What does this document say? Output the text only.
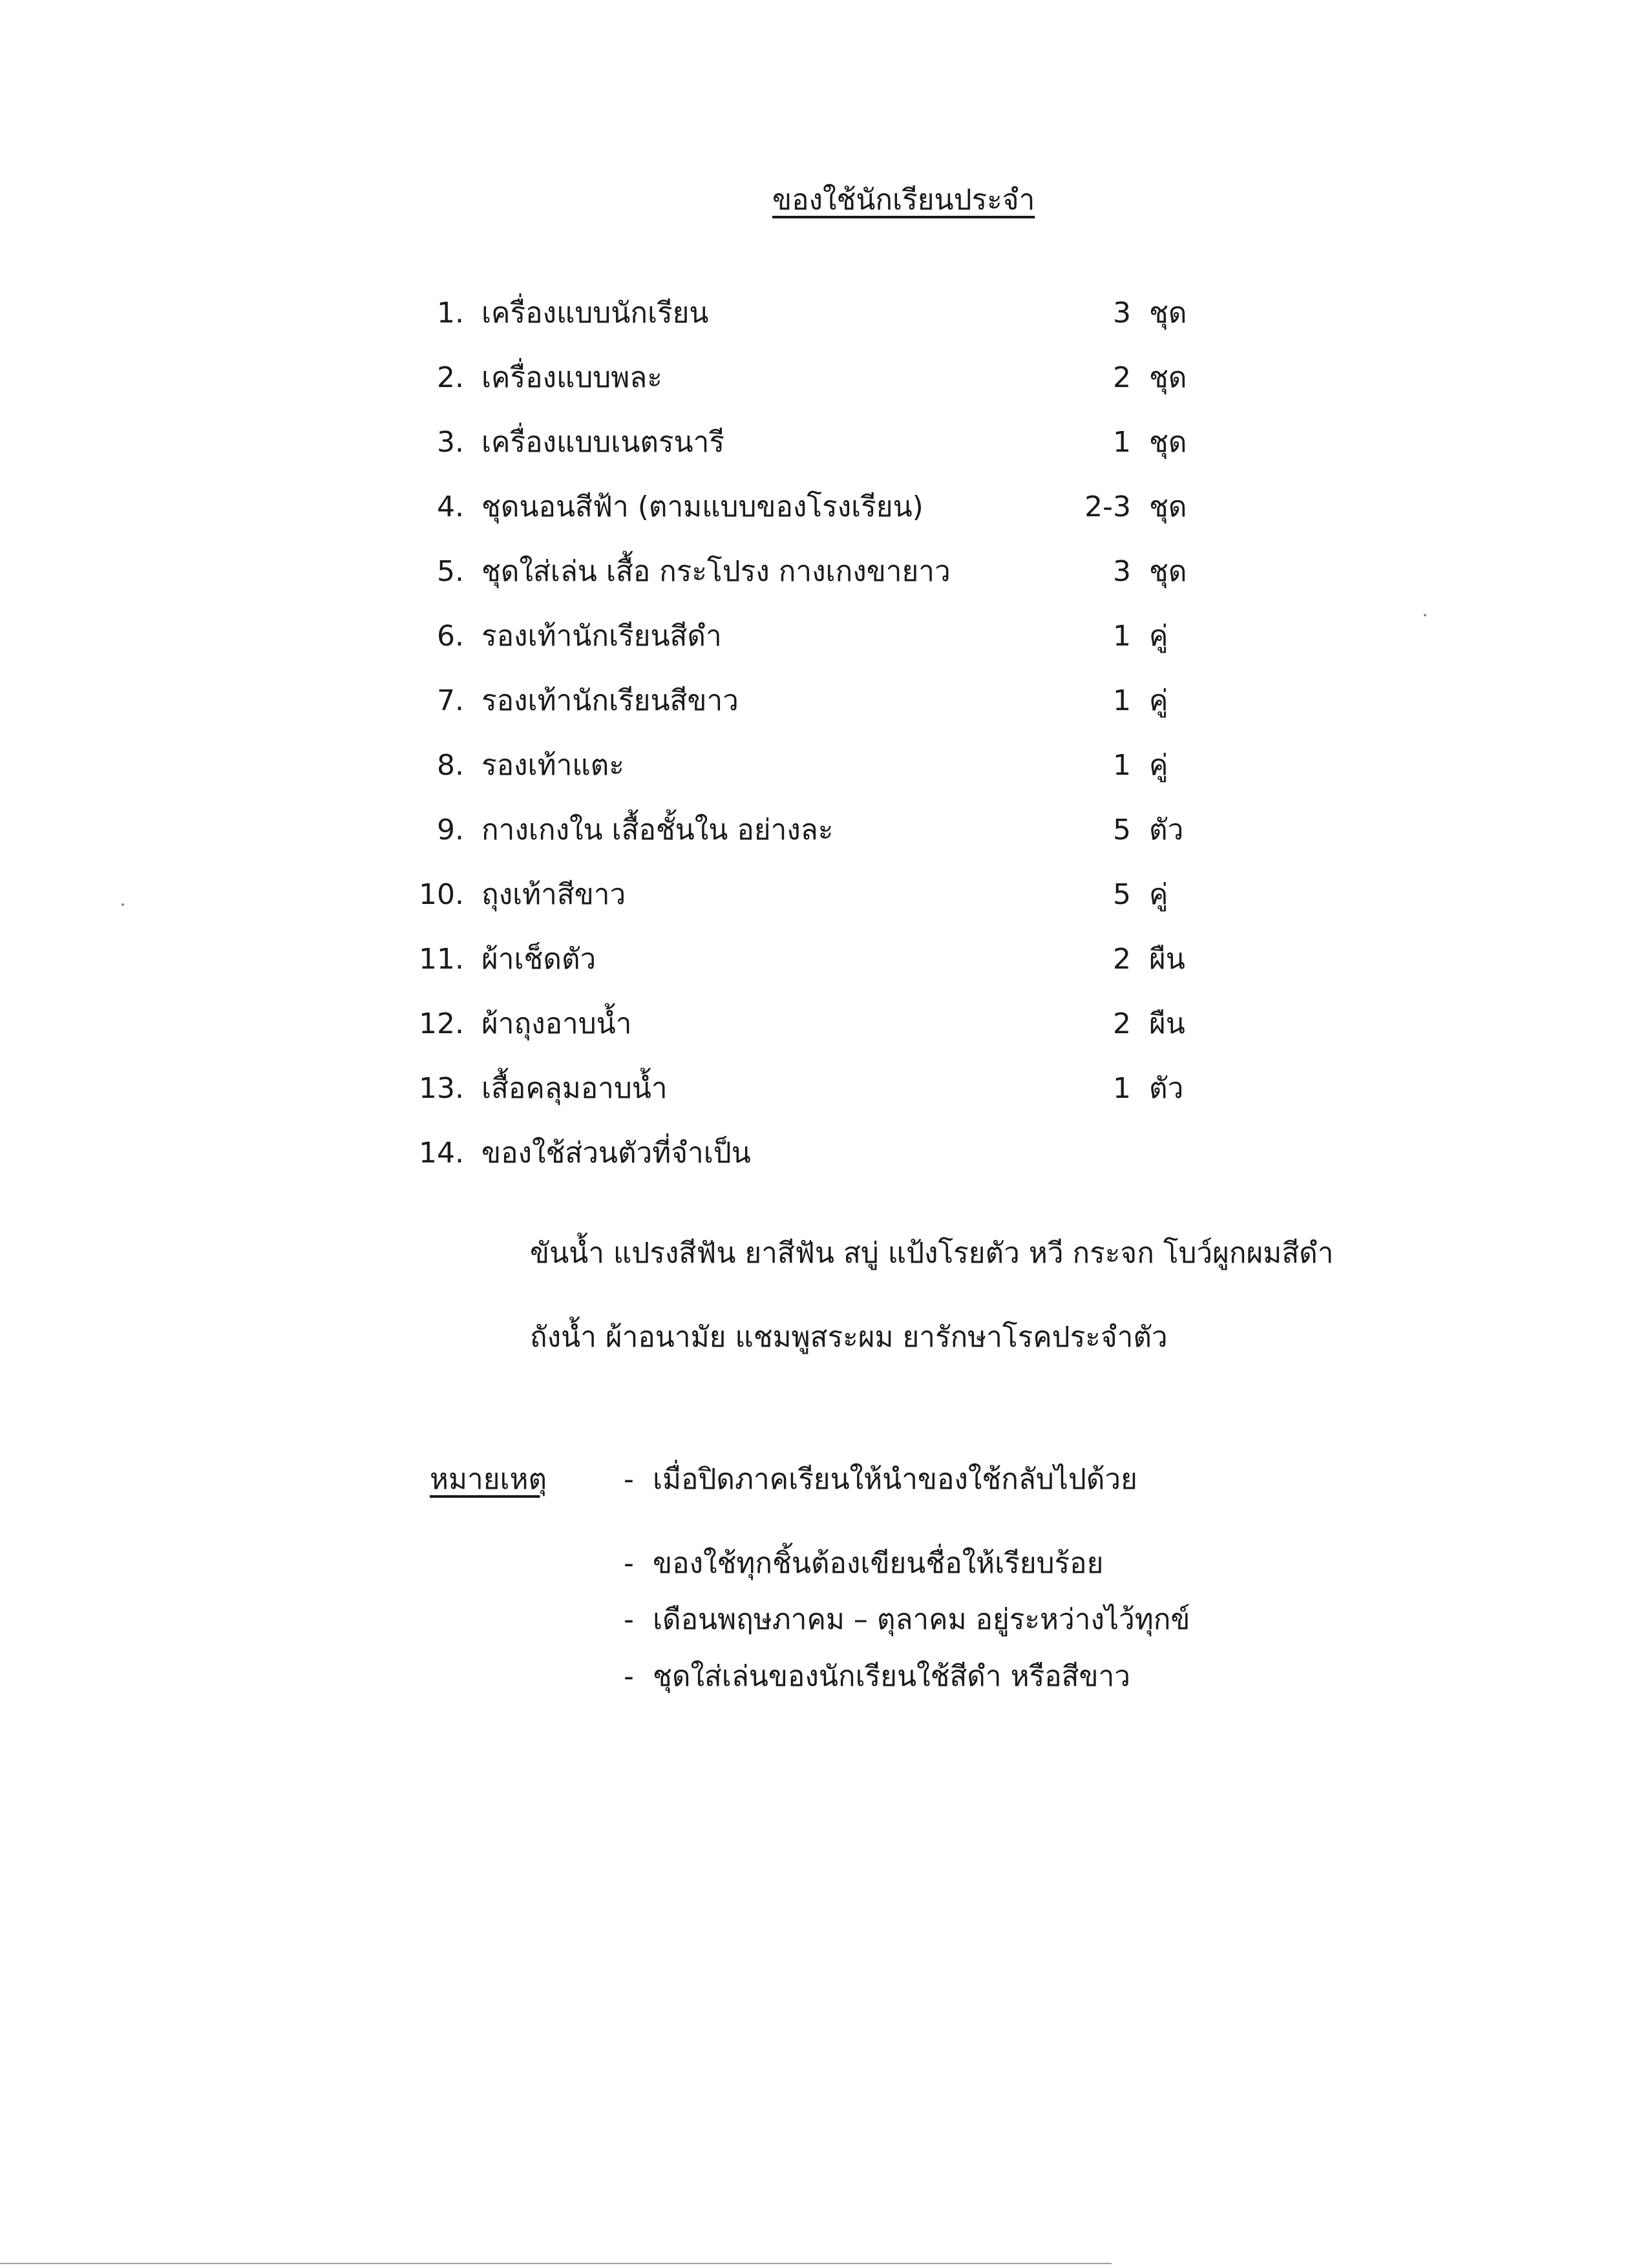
ของใช้นักเรียนประจำ
1. เครื่องแบบนักเรียน	3 ชุด
2. เครื่องแบบพละ	2 ชุด
3. เครื่องแบบเนตรนารี	1 ชุด
4. ชุดนอนสีฟ้า (ตามแบบของโรงเรียน)	2-3 ชุด
5. ชุดใส่เล่น เสื้อ กระโปรง กางเกงขายาว	3 ชุด
6. รองเท้านักเรียนสีดำ	1 คู่
7. รองเท้านักเรียนสีขาว	1 คู่
8. รองเท้าแตะ	1 คู่
9. กางเกงใน เสื้อชั้นใน อย่างละ	5 ตัว
10. ถุงเท้าสีขาว	5 คู่
11. ผ้าเช็ดตัว	2 ผืน
12. ผ้าถุงอาบน้ำ	2 ผืน
13. เสื้อคลุมอาบน้ำ	1 ตัว
14. ของใช้ส่วนตัวที่จำเป็น
ขันน้ำ แปรงสีฟัน ยาสีฟัน สบู่ แป้งโรยตัว หวี กระจก โบว์ผูกผมสีดำ
ถังน้ำ ผ้าอนามัย แชมพูสระผม ยารักษาโรคประจำตัว
หมายเหตุ	- เมื่อปิดภาคเรียนให้นำของใช้กลับไปด้วย
- ของใช้ทุกชิ้นต้องเขียนชื่อให้เรียบร้อย
- เดือนพฤษภาคม – ตุลาคม อยู่ระหว่างไว้ทุกข์
- ชุดใส่เล่นของนักเรียนใช้สีดำ หรือสีขาว
